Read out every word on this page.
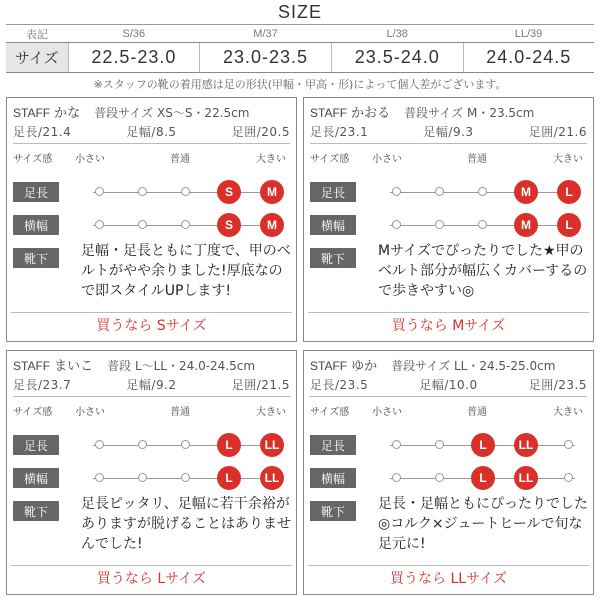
SIZE
表記	S/36	M/37	L/38	LL/39
サイズ	22.5-23.0	23.0-23.5	23.5-24.0	24.0-24.5
※スタッフの靴の着用感は足の形状(甲幅・甲高・形)によって個人差がございます。
STAFF かな 普段サイズ XS〜S・22.5cm
足長/21.4	足幅/8.5	足囲/20.5
サイズ感 小さい	普通	大きい
足長	S	M
横幅	S	M
靴下	足幅・足長ともに丁度で、甲のベルトがやや余りました!厚底なので即スタイルUPします!
買うなら Sサイズ
STAFF かおる 普段サイズ M・23.5cm
足長/23.1	足幅/9.3	足囲/21.6
サイズ感 小さい	普通	大きい
足長	M	L
横幅	M	L
靴下	Mサイズでぴったりでした★甲のベルト部分が幅広くカバーするので歩きやすい◎
買うなら Mサイズ
STAFF まいこ 普段 L〜LL・24.0-24.5cm
足長/23.7	足幅/9.2	足囲/21.5
サイズ感 小さい	普通	大きい
足長	L	LL
横幅	L	LL
靴下	足長ピッタリ、足幅に若干余裕がありますが脱げることはありませんでした!
買うなら Lサイズ
STAFF ゆか 普段サイズ LL・24.5-25.0cm
足長/23.5	足幅/10.0	足囲/23.5
サイズ感 小さい	普通	大きい
足長	L	LL
横幅	L	LL
靴下	足長・足幅ともにぴったりでした◎コルク×ジュートヒールで旬な足元に!
買うなら LLサイズ
